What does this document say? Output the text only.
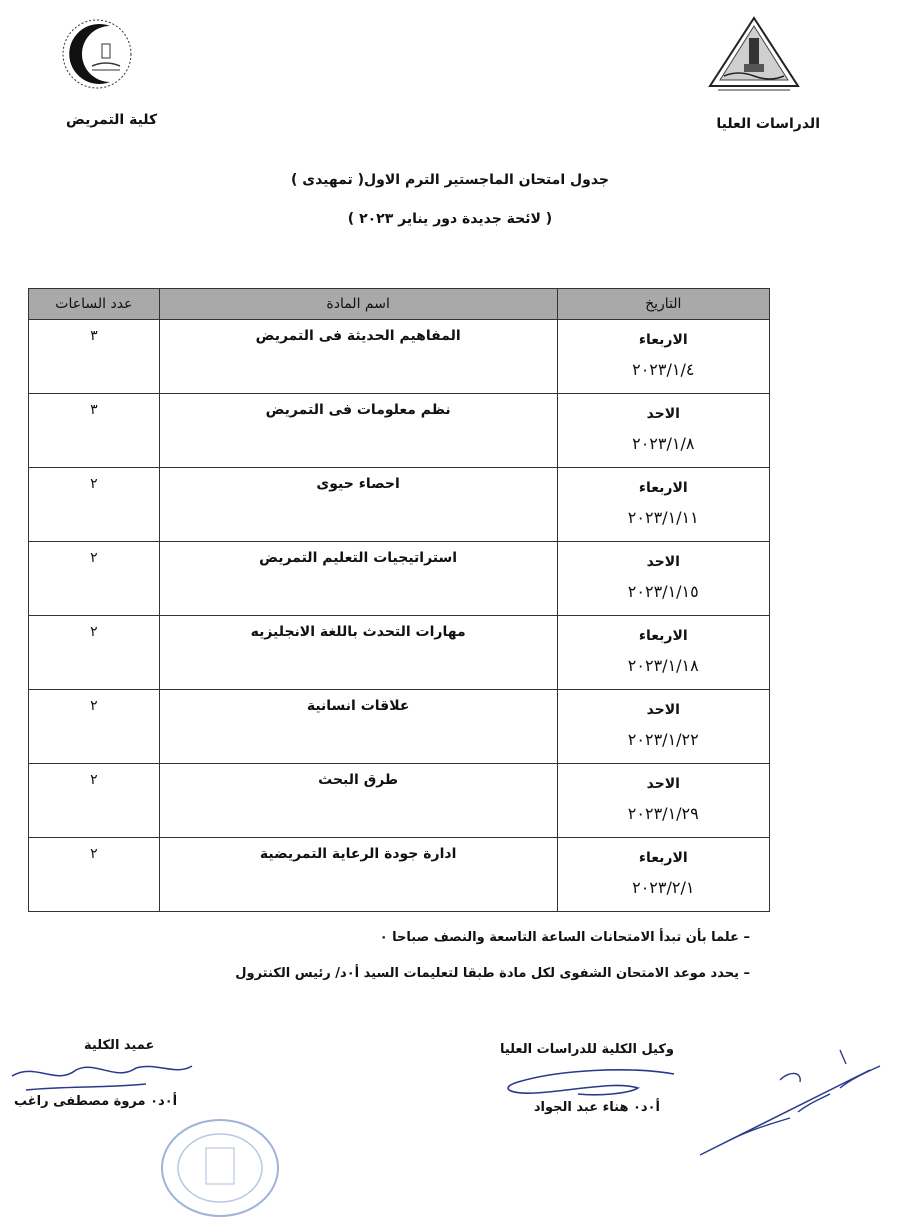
الدراسات العليا
كلية التمريض
جدول امتحان الماجستير الترم الاول( تمهيدى )
( لائحة جديدة دور يناير ٢٠٢٣ )
التاريخ	اسم المادة	عدد الساعات

الاربعاء
٢٠٢٣/١/٤	المفاهيم الحديثة فى التمريض	٣

الاحد
٢٠٢٣/١/٨	نظم معلومات فى التمريض	٣

الاربعاء
٢٠٢٣/١/١١	احصاء حيوى	٢

الاحد
٢٠٢٣/١/١٥	استراتيجيات التعليم التمريض	٢

الاربعاء
٢٠٢٣/١/١٨	مهارات التحدث باللغة الانجليزيه	٢

الاحد
٢٠٢٣/١/٢٢	علاقات انسانية	٢

الاحد
٢٠٢٣/١/٢٩	طرق البحث	٢

الاربعاء
٢٠٢٣/٢/١	ادارة جودة الرعاية التمريضية	٢
– علما بأن تبدأ الامتحانات الساعة التاسعة والنصف صباحا ٠
– يحدد موعد الامتحان الشفوى لكل مادة طبقا لتعليمات السيد أ٠د/ رئيس الكنترول
وكيل الكلية للدراسات العليا
أ٠د٠ هناء عبد الجواد
عميد الكلية
أ٠د٠ مروة مصطفى راغب
